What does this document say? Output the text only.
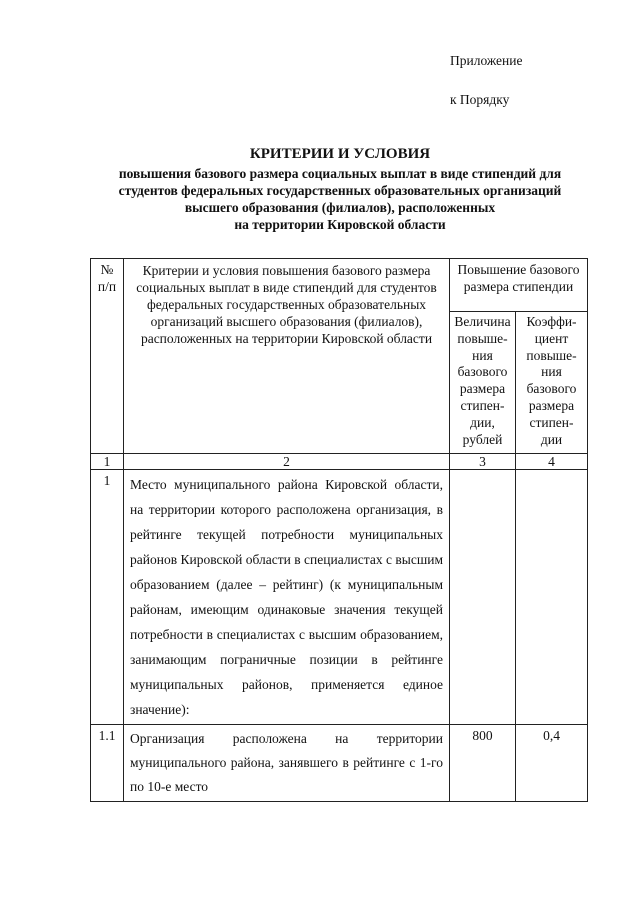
Приложение
к Порядку
КРИТЕРИИ И УСЛОВИЯ
повышения базового размера социальных выплат в виде стипендий для
студентов федеральных государственных образовательных организаций
высшего образования (филиалов), расположенных
на территории Кировской области
№ п/п	Критерии и условия повышения базового размера социальных выплат в виде стипендий для студентов федеральных государственных образовательных организаций высшего образования (филиалов), расположенных на территории Кировской области	Повышение базового размера стипендии	
		Величина повыше-ния базового размера стипен-дии, рублей	Коэффи-циент повыше-ния базового размера стипен-дии
1	2	3	4
1	Место муниципального района Кировской области, на территории которого расположена организация, в рейтинге текущей потребности муниципальных районов Кировской области в специалистах с высшим образованием (далее – рейтинг) (к муниципальным районам, имеющим одинаковые значения текущей потребности в специалистах с высшим образованием, занимающим пограничные позиции в рейтинге муниципальных районов, применяется единое значение):		
1.1	Организация расположена на территории муниципального района, занявшего в рейтинге с 1-го по 10-е место	800	0,4
